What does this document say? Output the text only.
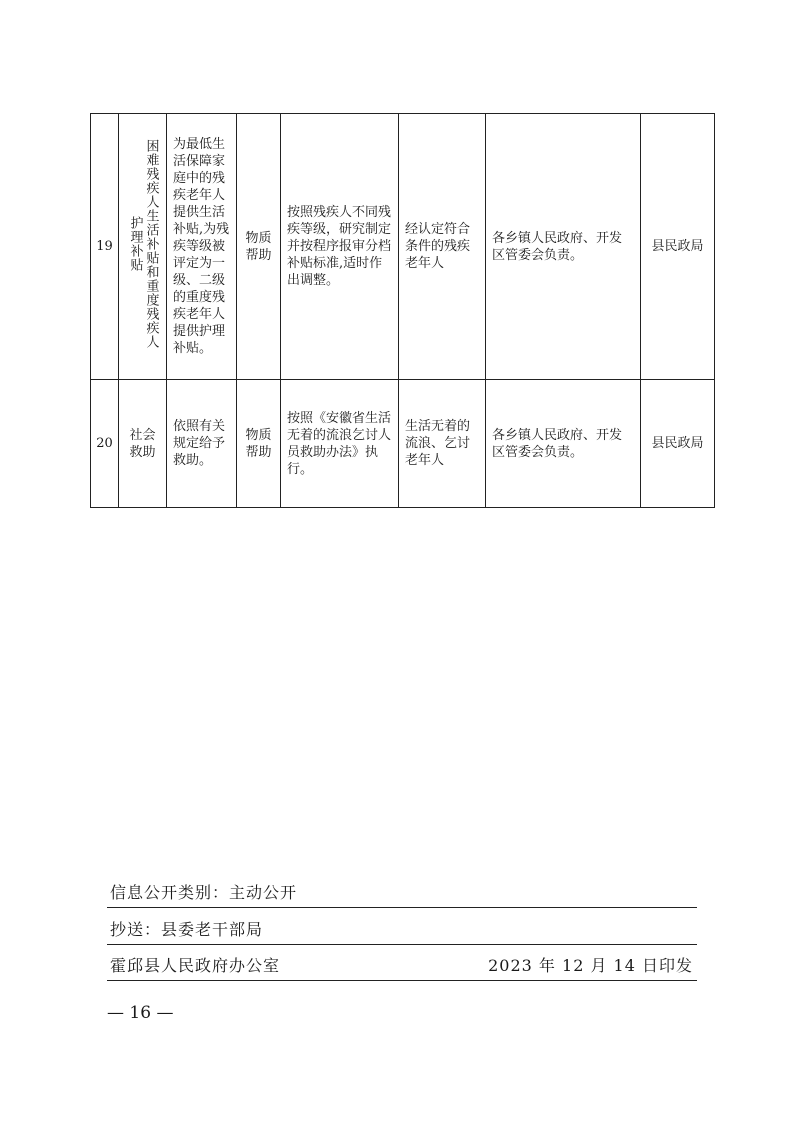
19	困难残疾人生活补贴和重度残疾人护理补贴	为最低生活保障家庭中的残疾老年人提供生活补贴,为残疾等级被评定为一级、二级的重度残疾老年人提供护理补贴。	物质帮助	按照残疾人不同残疾等级，研究制定并按程序报审分档补贴标准,适时作出调整。	经认定符合条件的残疾老年人	各乡镇人民政府、开发区管委会负责。	县民政局
20	社会救助	依照有关规定给予救助。	物质帮助	按照《安徽省生活无着的流浪乞讨人员救助办法》执行。	生活无着的流浪、乞讨老年人	各乡镇人民政府、开发区管委会负责。	县民政局
信息公开类别：主动公开
抄送：县委老干部局
霍邱县人民政府办公室	2023 年 12 月 14 日印发
— 16 —
